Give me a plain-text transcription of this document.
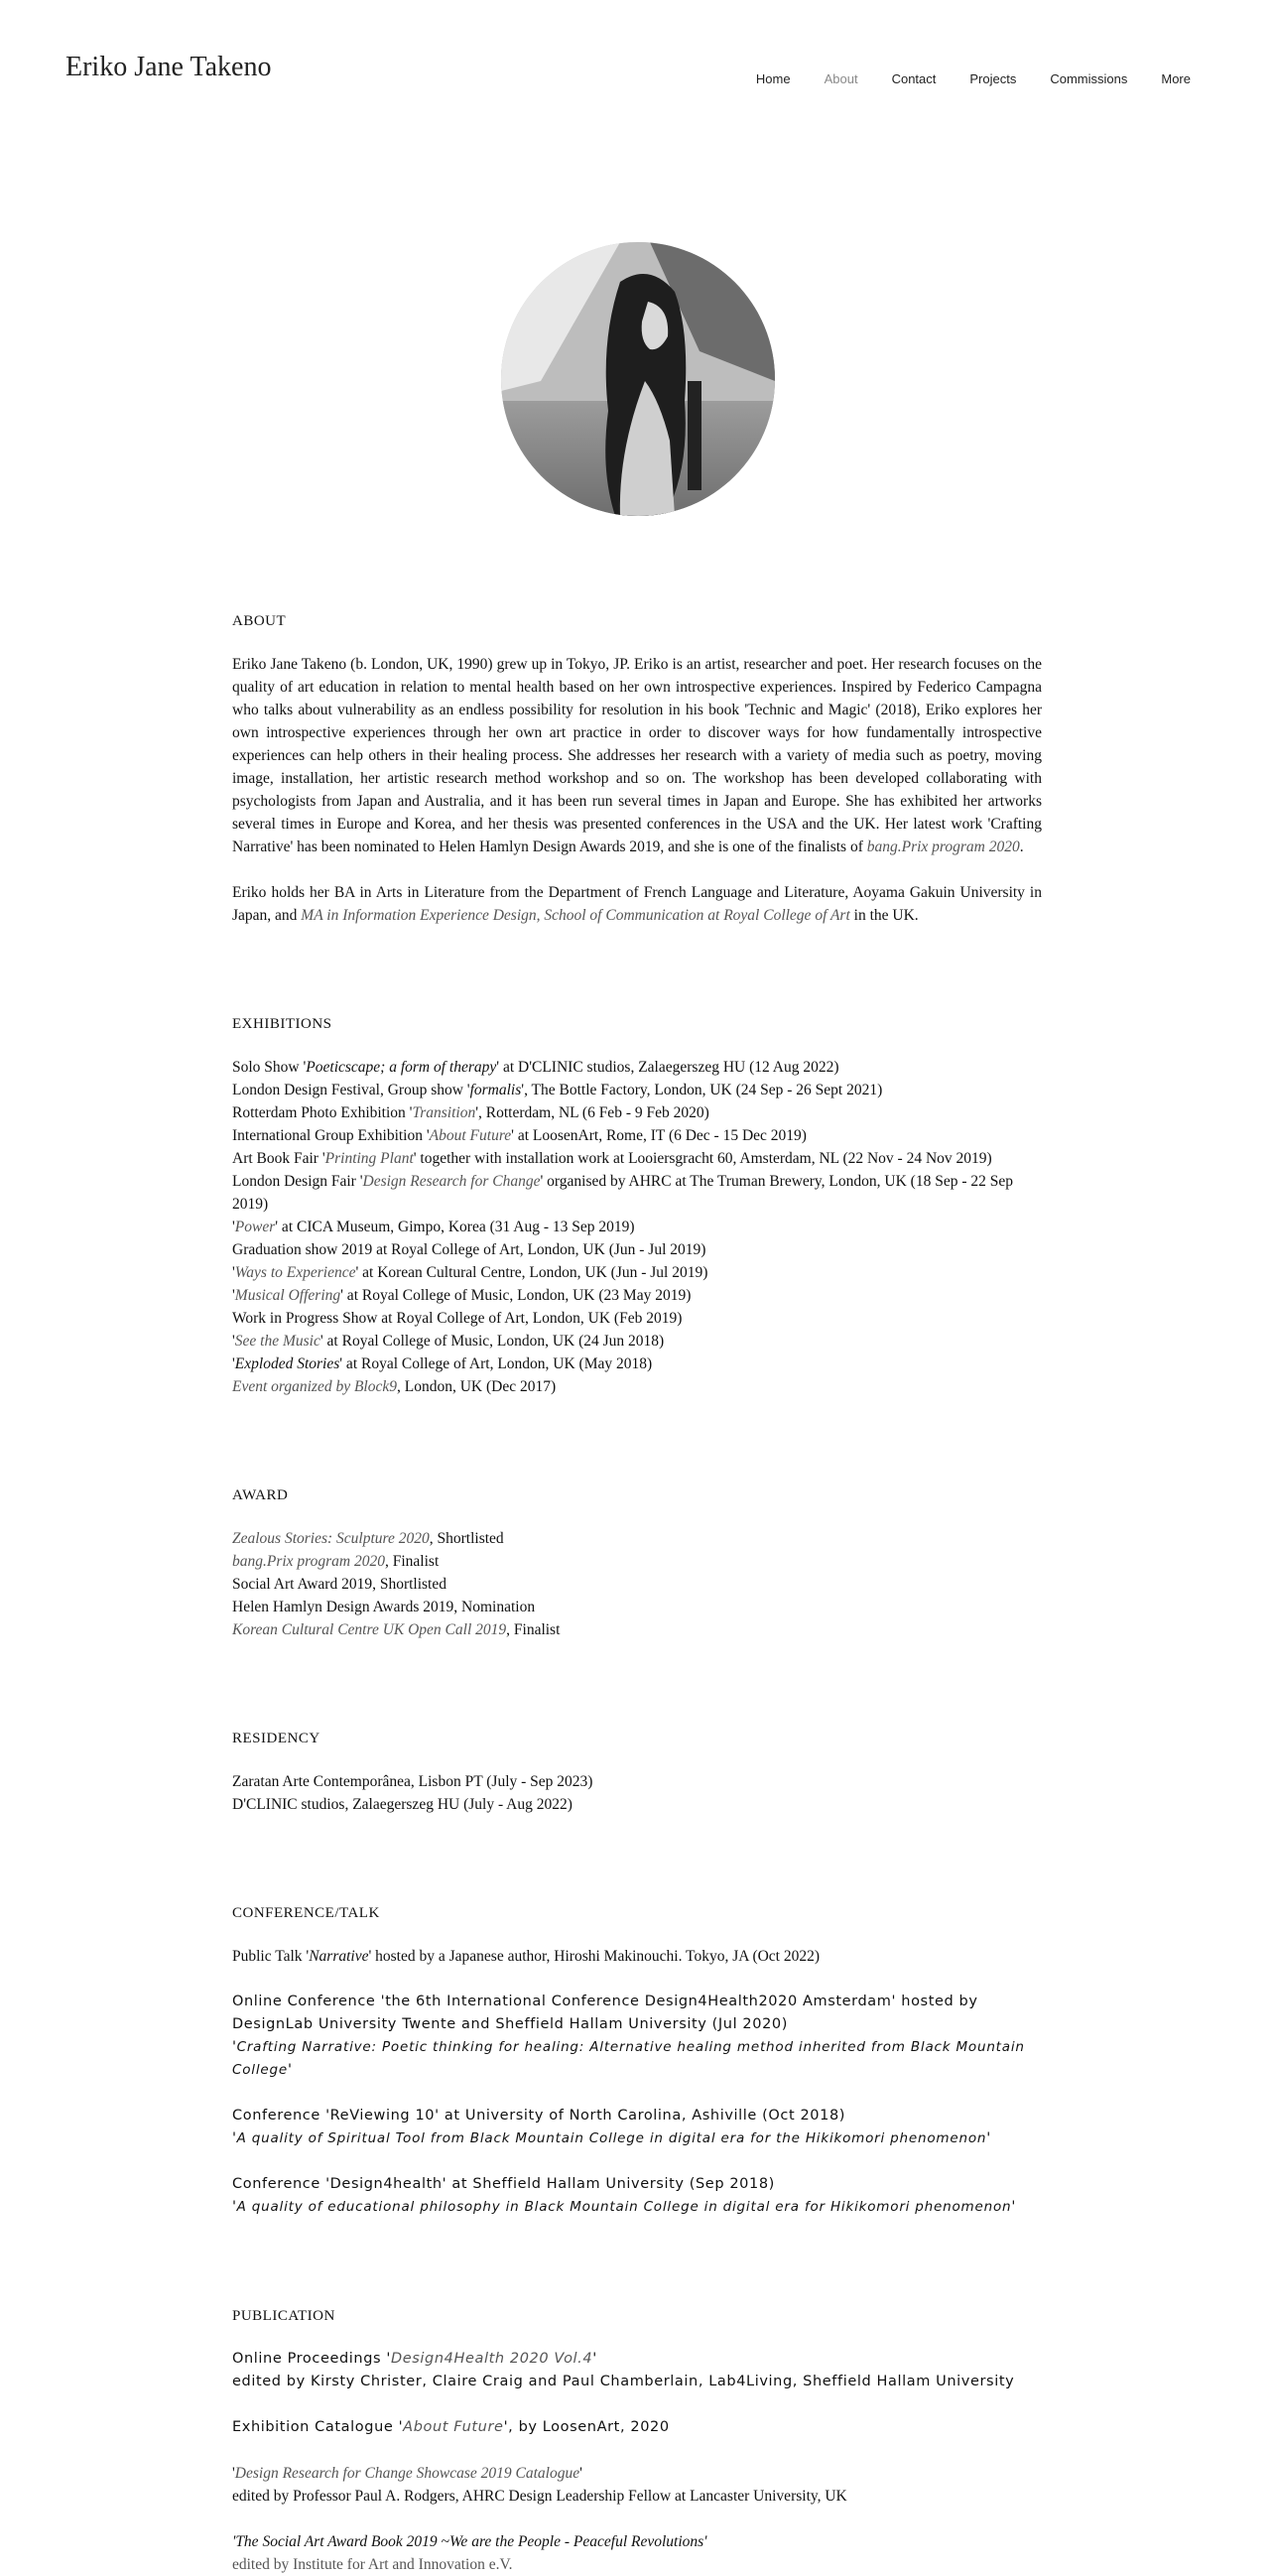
Eriko Jane Takeno	Home	About	Contact	Projects	Commissions	More
ABOUT

Eriko Jane Takeno (b. London, UK, 1990) grew up in Tokyo, JP. Eriko is an artist, researcher and poet. Her research focuses on the quality of art education in relation to mental health based on her own introspective experiences. Inspired by Federico Campagna who talks about vulnerability as an endless possibility for resolution in his book 'Technic and Magic' (2018), Eriko explores her own introspective experiences through her own art practice in order to discover ways for how fundamentally introspective experiences can help others in their healing process. She addresses her research with a variety of media such as poetry, moving image, installation, her artistic research method workshop and so on. The workshop has been developed collaborating with psychologists from Japan and Australia, and it has been run several times in Japan and Europe. She has exhibited her artworks several times in Europe and Korea, and her thesis was presented conferences in the USA and the UK. Her latest work 'Crafting Narrative' has been nominated to Helen Hamlyn Design Awards 2019, and she is one of the finalists of bang.Prix program 2020.

Eriko holds her BA in Arts in Literature from the Department of French Language and Literature, Aoyama Gakuin University in Japan, and MA in Information Experience Design, School of Communication at Royal College of Art in the UK.

EXHIBITIONS

Solo Show 'Poeticscape; a form of therapy' at D'CLINIC studios, Zalaegerszeg HU (12 Aug 2022)

London Design Festival, Group show 'formalis', The Bottle Factory, London, UK (24 Sep - 26 Sept 2021)

Rotterdam Photo Exhibition 'Transition', Rotterdam, NL (6 Feb - 9 Feb 2020)

International Group Exhibition 'About Future' at LoosenArt, Rome, IT (6 Dec - 15 Dec 2019)

Art Book Fair 'Printing Plant' together with installation work at Looiersgracht 60, Amsterdam, NL (22 Nov - 24 Nov 2019)

London Design Fair 'Design Research for Change' organised by AHRC at The Truman Brewery, London, UK (18 Sep - 22 Sep 2019)

'Power' at CICA Museum, Gimpo, Korea (31 Aug - 13 Sep 2019)

Graduation show 2019 at Royal College of Art, London, UK (Jun - Jul 2019)

'Ways to Experience' at Korean Cultural Centre, London, UK (Jun - Jul 2019)

'Musical Offering' at Royal College of Music, London, UK (23 May 2019)

Work in Progress Show at Royal College of Art, London, UK (Feb 2019)

'See the Music' at Royal College of Music, London, UK (24 Jun 2018)

'Exploded Stories' at Royal College of Art, London, UK (May 2018)

Event organized by Block9, London, UK (Dec 2017)

AWARD

Zealous Stories: Sculpture 2020, Shortlisted

bang.Prix program 2020, Finalist

Social Art Award 2019, Shortlisted

Helen Hamlyn Design Awards 2019, Nomination

Korean Cultural Centre UK Open Call 2019, Finalist

RESIDENCY

Zaratan Arte Contemporânea, Lisbon PT (July - Sep 2023)

D'CLINIC studios, Zalaegerszeg HU (July - Aug 2022)

CONFERENCE/TALK

Public Talk 'Narrative' hosted by a Japanese author, Hiroshi Makinouchi. Tokyo, JA (Oct 2022)

Online Conference 'the 6th International Conference Design4Health2020 Amsterdam' hosted by DesignLab University Twente and Sheffield Hallam University (Jul 2020)

'Crafting Narrative: Poetic thinking for healing: Alternative healing method inherited from Black Mountain College'

Conference 'ReViewing 10' at University of North Carolina, Ashiville (Oct 2018)

'A quality of Spiritual Tool from Black Mountain College in digital era for the Hikikomori phenomenon'

Conference 'Design4health' at Sheffield Hallam University (Sep 2018)

'A quality of educational philosophy in Black Mountain College in digital era for Hikikomori phenomenon'

PUBLICATION

Online Proceedings 'Design4Health 2020 Vol.4'

edited by Kirsty Christer, Claire Craig and Paul Chamberlain, Lab4Living, Sheffield Hallam University

Exhibition Catalogue 'About Future', by LoosenArt, 2020

'Design Research for Change Showcase 2019 Catalogue'

edited by Professor Paul A. Rodgers, AHRC Design Leadership Fellow at Lancaster University, UK

'The Social Art Award Book 2019 ~We are the People - Peaceful Revolutions'

edited by Institute for Art and Innovation e.V.
